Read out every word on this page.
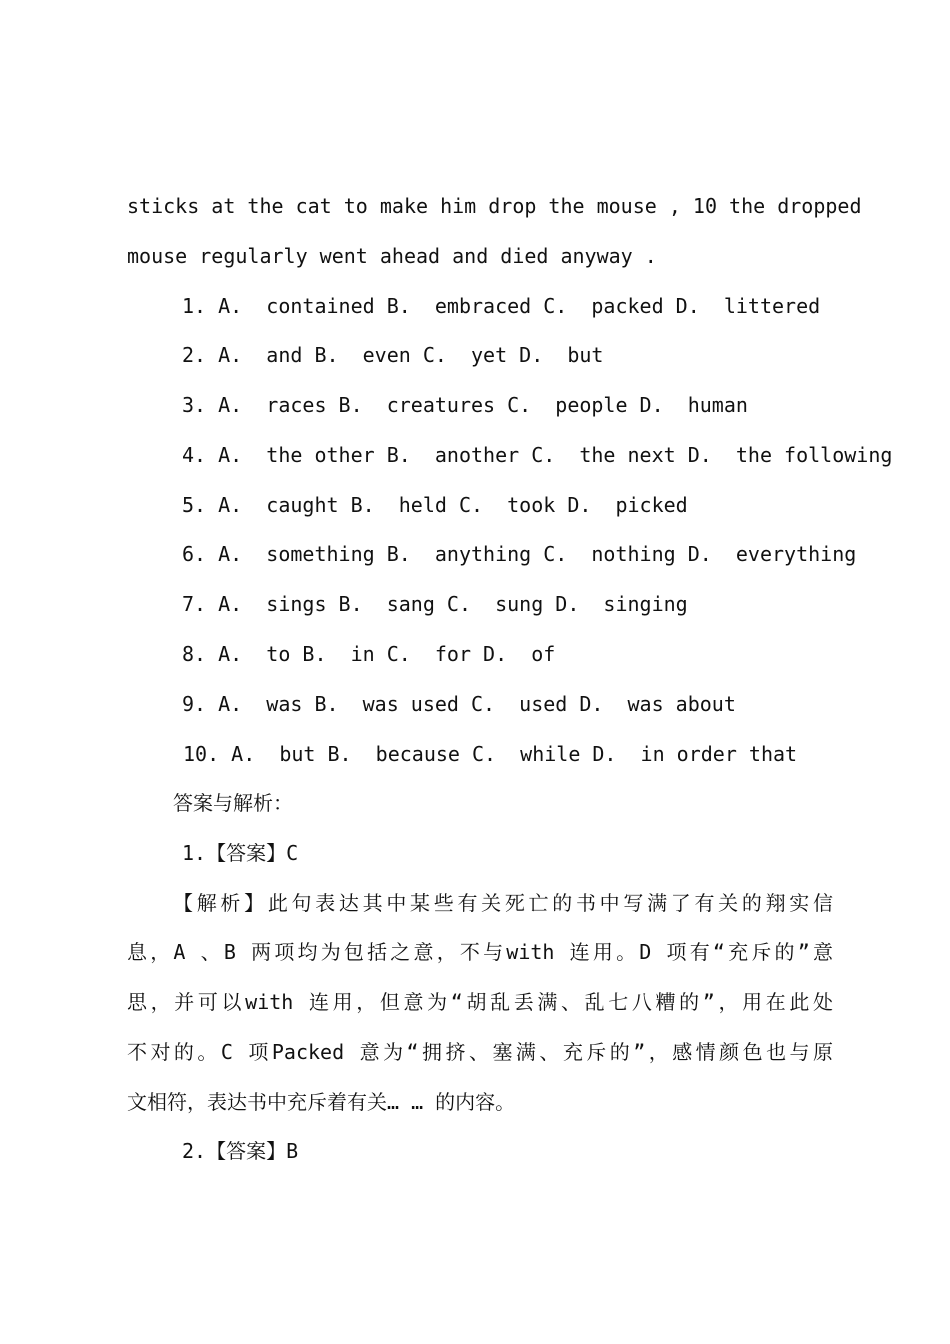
sticks at the cat to make him drop the mouse , 10 the dropped
mouse regularly went ahead and died anyway .
1. A.  contained B.  embraced C.  packed D.  littered
2. A.  and B.  even C.  yet D.  but
3. A.  races B.  creatures C.  people D.  human
4. A.  the other B.  another C.  the next D.  the following
5. A.  caught B.  held C.  took D.  picked
6. A.  something B.  anything C.  nothing D.  everything
7. A.  sings B.  sang C.  sung D.  singing
8. A.  to B.  in C.  for D.  of
9. A.  was B.  was used C.  used D.  was about
10. A.  but B.  because C.  while D.  in order that
答案与解析：
1.【答案】C
【解析】此句表达其中某些有关死亡的书中写满了有关的翔实信
息，A 、B 两项均为包括之意，不与with 连用。D 项有“充斥的”意
思，并可以with 连用，但意为“胡乱丢满、乱七八糟的”，用在此处
不对的。C 项Packed 意为“拥挤、塞满、充斥的”，感情颜色也与原
文相符，表达书中充斥着有关… … 的内容。
2.【答案】B
